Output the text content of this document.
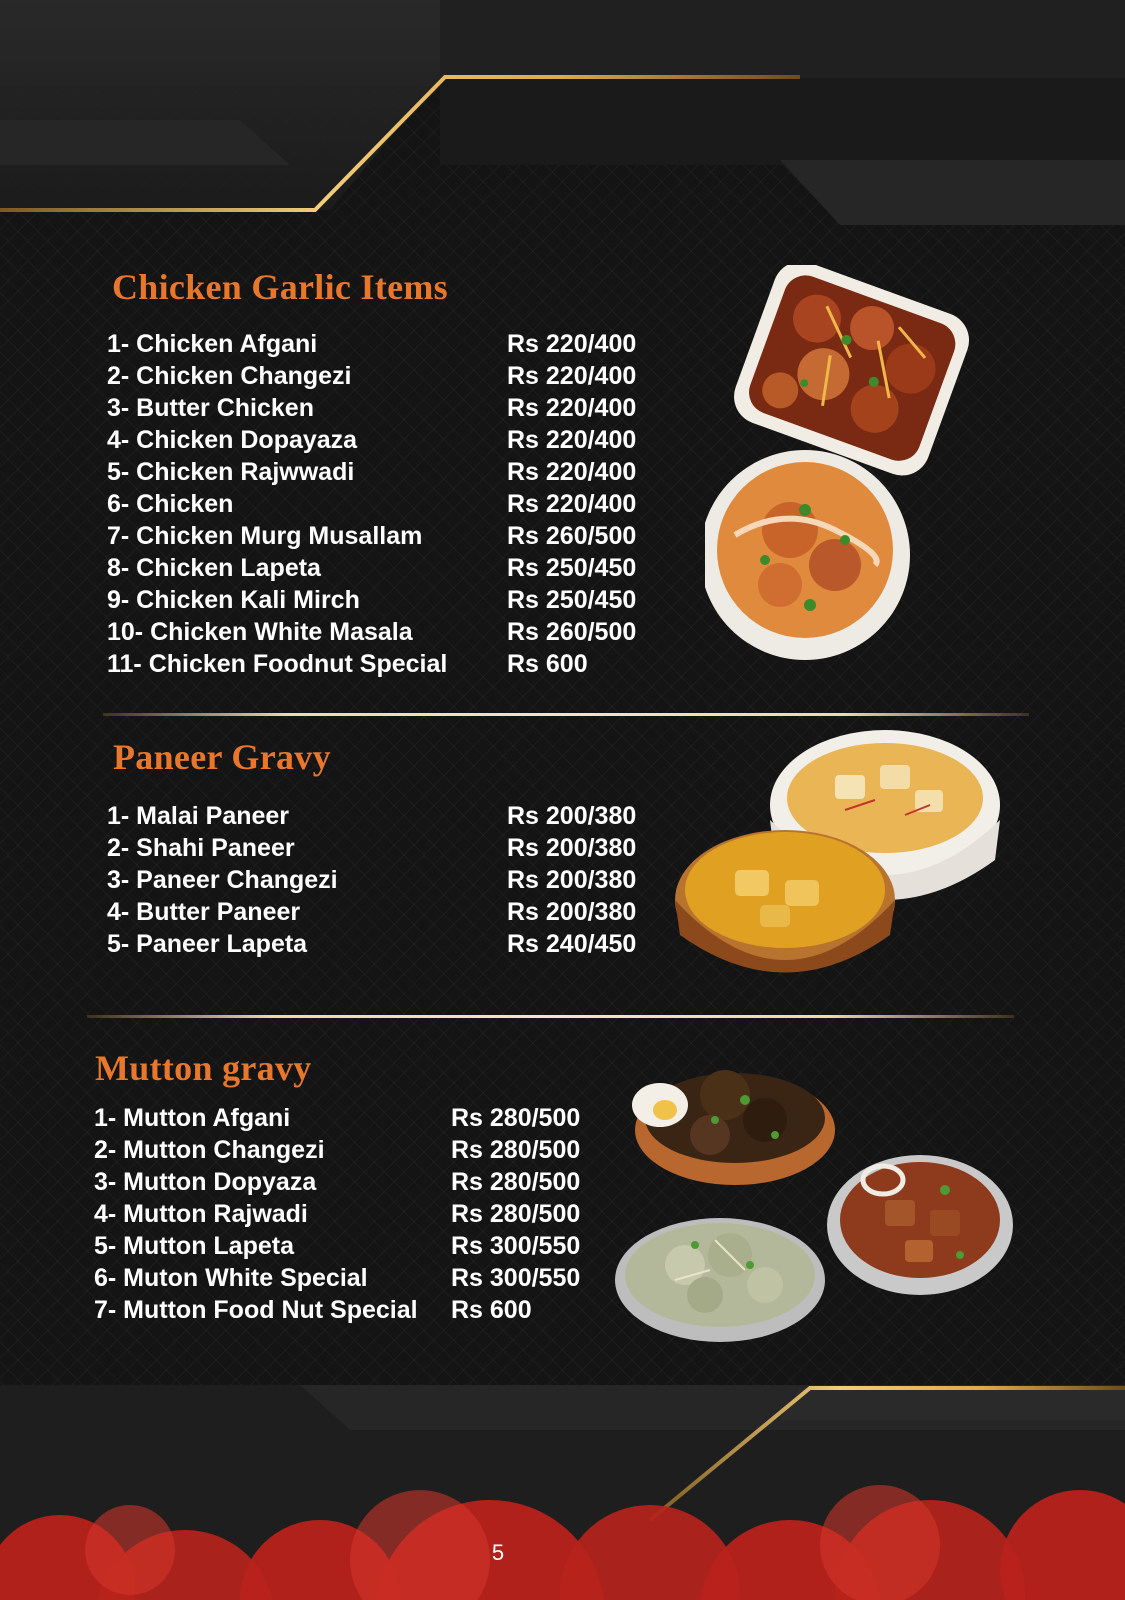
Chicken Garlic Items
1- Chicken Afgani	Rs 220/400
2- Chicken Changezi	Rs 220/400
3- Butter Chicken	Rs 220/400
4- Chicken Dopayaza	Rs 220/400
5- Chicken Rajwwadi	Rs 220/400
6- Chicken	Rs 220/400
7- Chicken Murg Musallam	Rs 260/500
8- Chicken Lapeta	Rs 250/450
9- Chicken Kali Mirch	Rs 250/450
10- Chicken White Masala	Rs 260/500
11- Chicken Foodnut Special Rs 600
Paneer Gravy
1- Malai Paneer	Rs 200/380
2- Shahi Paneer	Rs 200/380
3- Paneer Changezi	Rs 200/380
4- Butter Paneer	Rs 200/380
5- Paneer Lapeta	Rs 240/450
Mutton gravy
1- Mutton Afgani	Rs 280/500
2- Mutton Changezi	Rs 280/500
3- Mutton Dopyaza	Rs 280/500
4- Mutton Rajwadi	Rs 280/500
5- Mutton Lapeta	Rs 300/550
6- Muton White Special	Rs 300/550
7- Mutton Food Nut Special Rs 600
5
